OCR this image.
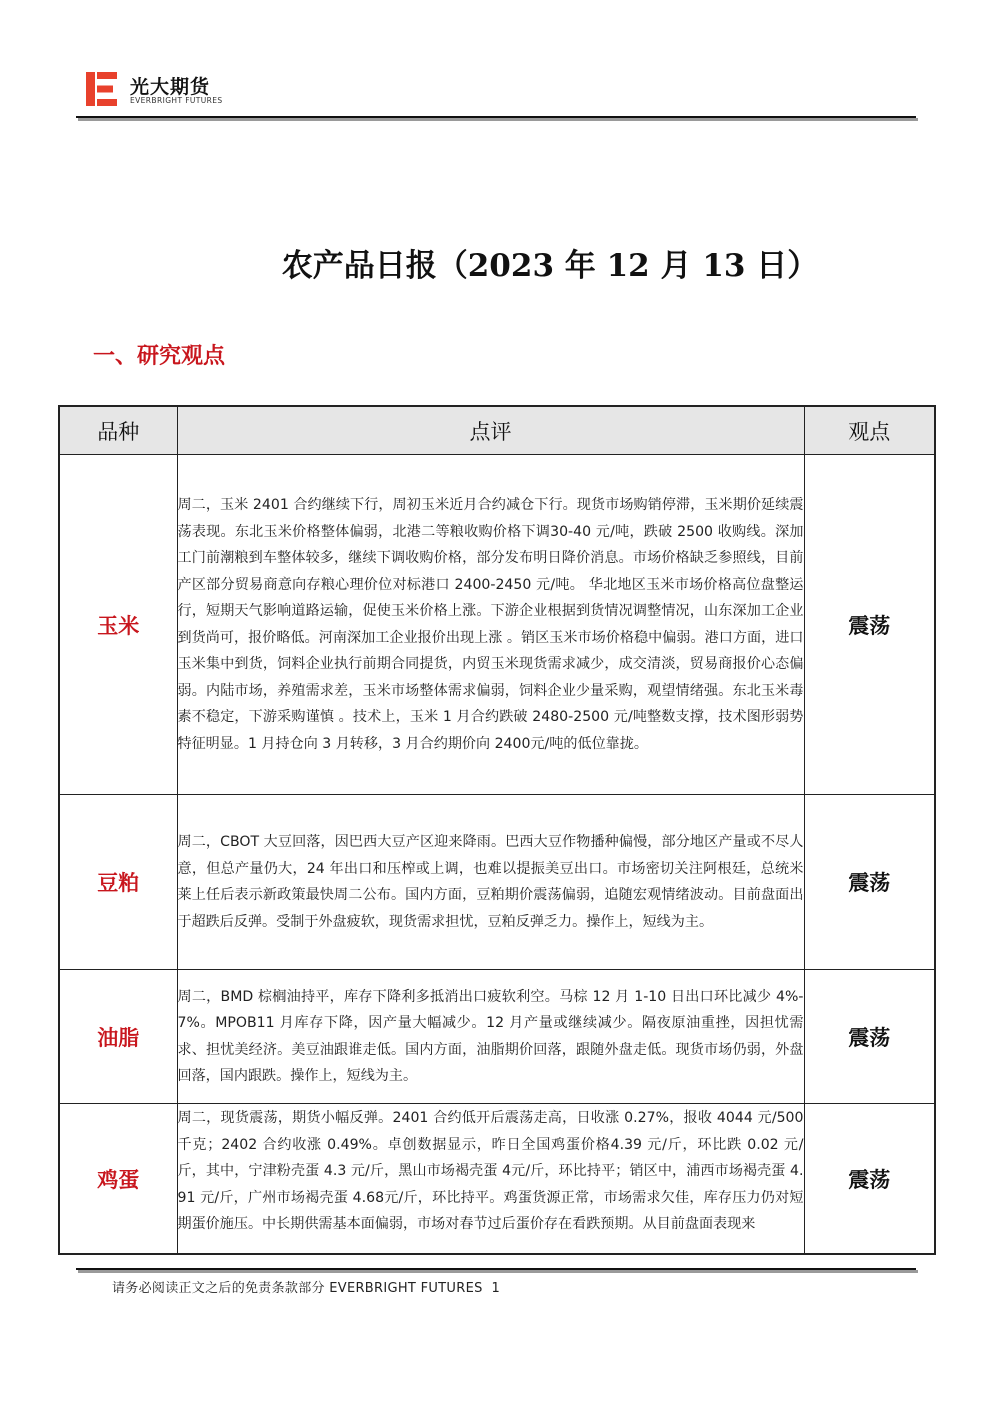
光大期货
EVERBRIGHT FUTURES
农产品日报（2023 年 12 月 13 日）
一、研究观点
品种	点评	观点
玉米	周二，玉米 2401 合约继续下行，周初玉米近月合约减仓下行。现货市场购销停滞，玉米期价延续震荡表现。东北玉米价格整体偏弱，北港二等粮收购价格下调30-40 元/吨，跌破 2500 收购线。深加工门前潮粮到车整体较多，继续下调收购价格，部分发布明日降价消息。市场价格缺乏参照线，目前产区部分贸易商意向存粮心理价位对标港口 2400-2450 元/吨。 华北地区玉米市场价格高位盘整运行，短期天气影响道路运输，促使玉米价格上涨。下游企业根据到货情况调整情况，山东深加工企业到货尚可，报价略低。河南深加工企业报价出现上涨 。销区玉米市场价格稳中偏弱。港口方面，进口玉米集中到货，饲料企业执行前期合同提货，内贸玉米现货需求减少，成交清淡，贸易商报价心态偏弱。内陆市场，养殖需求差，玉米市场整体需求偏弱，饲料企业少量采购，观望情绪强。东北玉米毒素不稳定，下游采购谨慎 。技术上，玉米 1 月合约跌破 2480-2500 元/吨整数支撑，技术图形弱势特征明显。1 月持仓向 3 月转移，3 月合约期价向 2400元/吨的低位靠拢。	震荡
豆粕	周二，CBOT 大豆回落，因巴西大豆产区迎来降雨。巴西大豆作物播种偏慢，部分地区产量或不尽人意，但总产量仍大，24 年出口和压榨或上调，也难以提振美豆出口。市场密切关注阿根廷，总统米莱上任后表示新政策最快周二公布。国内方面，豆粕期价震荡偏弱，追随宏观情绪波动。目前盘面出于超跌后反弹。受制于外盘疲软，现货需求担忧，豆粕反弹乏力。操作上，短线为主。	震荡
油脂	周二，BMD 棕榈油持平，库存下降利多抵消出口疲软利空。马棕 12 月 1-10 日出口环比减少 4%-7%。MPOB11 月库存下降，因产量大幅减少。12 月产量或继续减少。隔夜原油重挫，因担忧需求、担忧美经济。美豆油跟谁走低。国内方面，油脂期价回落，跟随外盘走低。现货市场仍弱，外盘回落，国内跟跌。操作上，短线为主。	震荡
鸡蛋	周二，现货震荡，期货小幅反弹。2401 合约低开后震荡走高，日收涨 0.27%，报收 4044 元/500 千克；2402 合约收涨 0.49%。卓创数据显示，昨日全国鸡蛋价格4.39 元/斤，环比跌 0.02 元/斤，其中，宁津粉壳蛋 4.3 元/斤，黑山市场褐壳蛋 4元/斤，环比持平；销区中，浦西市场褐壳蛋 4.91 元/斤，广州市场褐壳蛋 4.68元/斤，环比持平。鸡蛋货源正常，市场需求欠佳，库存压力仍对短期蛋价施压。中长期供需基本面偏弱，市场对春节过后蛋价存在看跌预期。从目前盘面表现来	震荡
请务必阅读正文之后的免责条款部分 EVERBRIGHT FUTURES 1
